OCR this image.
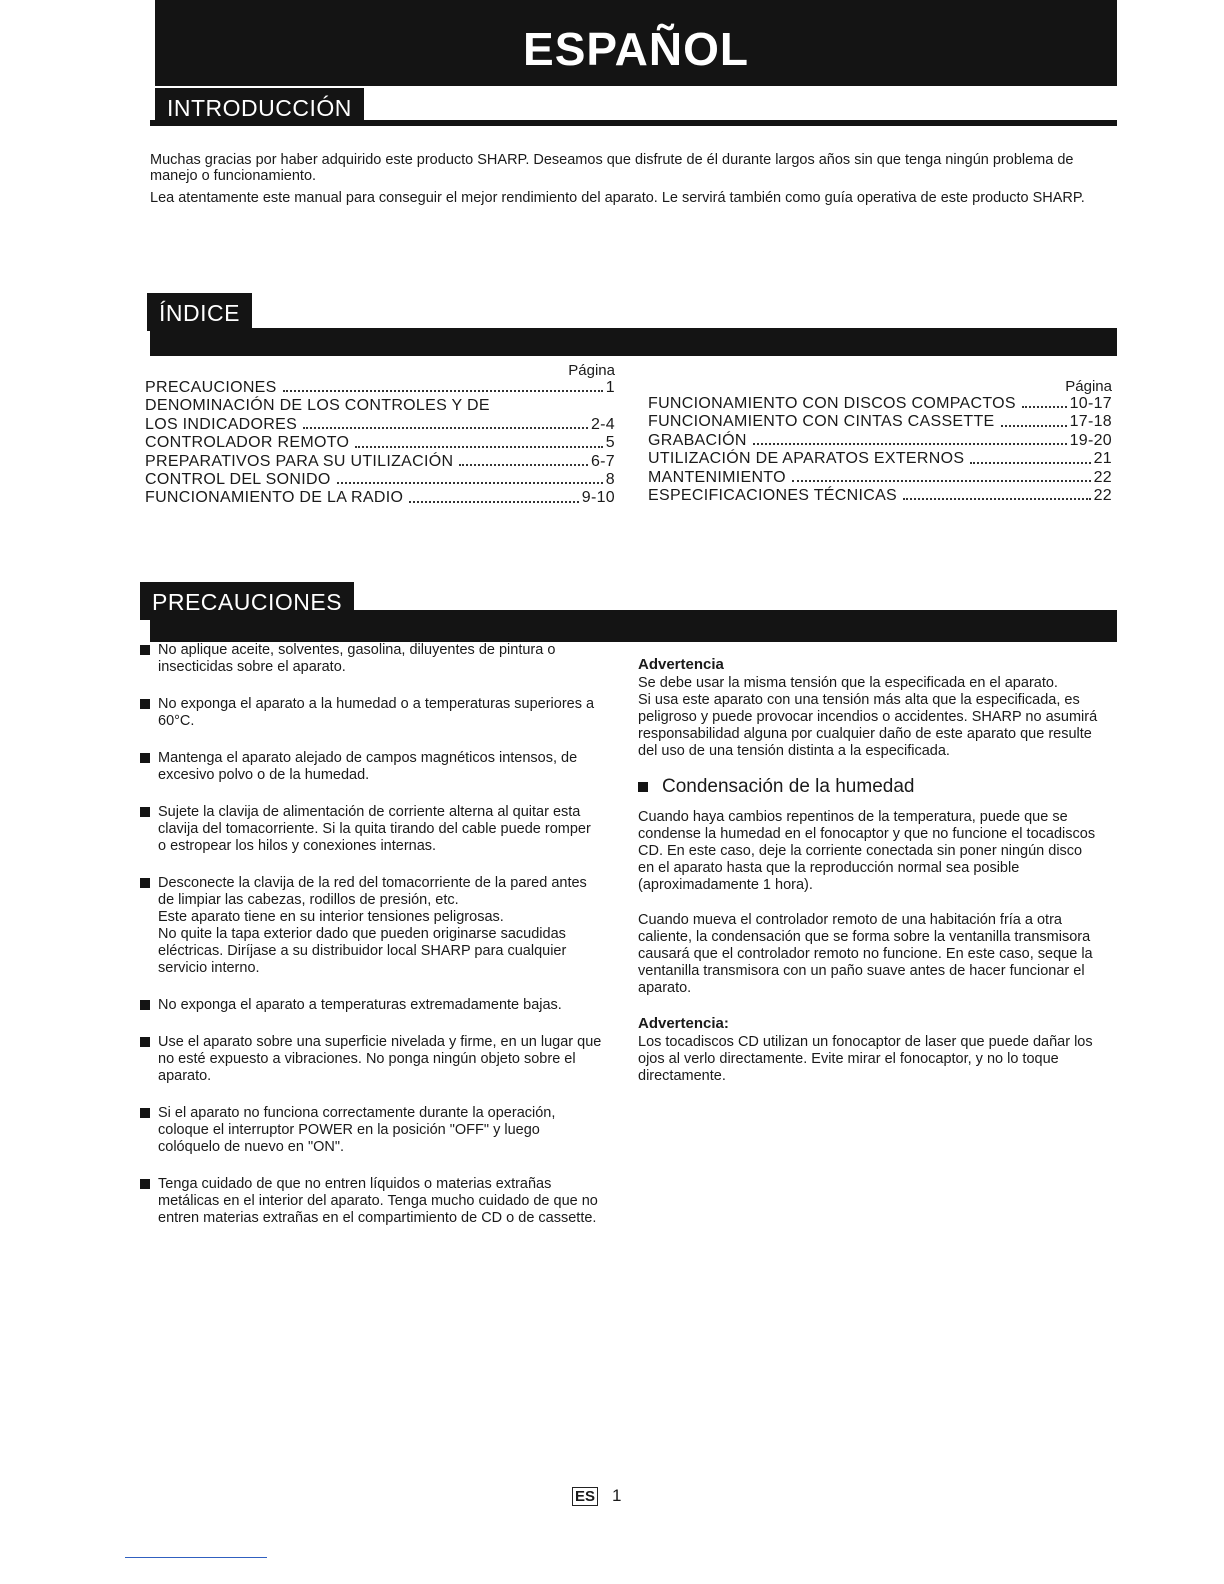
ESPAÑOL
INTRODUCCIÓN

Muchas gracias por haber adquirido este producto SHARP. Deseamos que disfrute de él durante largos años sin que tenga ningún problema de manejo o funcionamiento.

Lea atentamente este manual para conseguir el mejor rendimiento del aparato. Le servirá también como guía operativa de este producto SHARP.

ÍNDICE
Página
PRECAUCIONES	1
DENOMINACIÓN DE LOS CONTROLES Y DE
LOS INDICADORES	2-4
CONTROLADOR REMOTO	5
PREPARATIVOS PARA SU UTILIZACIÓN	6-7
CONTROL DEL SONIDO	8
FUNCIONAMIENTO DE LA RADIO	9-10
Página
FUNCIONAMIENTO CON DISCOS COMPACTOS	10-17
FUNCIONAMIENTO CON CINTAS CASSETTE	17-18
GRABACIÓN	19-20
UTILIZACIÓN DE APARATOS EXTERNOS	21
MANTENIMIENTO	22
ESPECIFICACIONES TÉCNICAS	22
PRECAUCIONES

No aplique aceite, solventes, gasolina, diluyentes de pintura o insecticidas sobre el aparato.

No exponga el aparato a la humedad o a temperaturas superiores a 60°C.

Mantenga el aparato alejado de campos magnéticos intensos, de excesivo polvo o de la humedad.

Sujete la clavija de alimentación de corriente alterna al quitar esta clavija del tomacorriente. Si la quita tirando del cable puede romper o estropear los hilos y conexiones internas.

Desconecte la clavija de la red del tomacorriente de la pared antes de limpiar las cabezas, rodillos de presión, etc.

Este aparato tiene en su interior tensiones peligrosas.

No quite la tapa exterior dado que pueden originarse sacudidas eléctricas. Diríjase a su distribuidor local SHARP para cualquier servicio interno.

No exponga el aparato a temperaturas extremadamente bajas.

Use el aparato sobre una superficie nivelada y firme, en un lugar que no esté expuesto a vibraciones. No ponga ningún objeto sobre el aparato.

Si el aparato no funciona correctamente durante la operación, coloque el interruptor POWER en la posición "OFF" y luego colóquelo de nuevo en "ON".

Tenga cuidado de que no entren líquidos o materias extrañas metálicas en el interior del aparato. Tenga mucho cuidado de que no entren materias extrañas en el compartimiento de CD o de cassette.

Advertencia

Se debe usar la misma tensión que la especificada en el aparato.

Si usa este aparato con una tensión más alta que la especificada, es peligroso y puede provocar incendios o accidentes. SHARP no asumirá responsabilidad alguna por cualquier daño de este aparato que resulte del uso de una tensión distinta a la especificada.

Condensación de la humedad

Cuando haya cambios repentinos de la temperatura, puede que se condense la humedad en el fonocaptor y que no funcione el tocadiscos CD. En este caso, deje la corriente conectada sin poner ningún disco en el aparato hasta que la reproducción normal sea posible (aproximadamente 1 hora).

Cuando mueva el controlador remoto de una habitación fría a otra caliente, la condensación que se forma sobre la ventanilla transmisora causará que el controlador remoto no funcione. En este caso, seque la ventanilla transmisora con un paño suave antes de hacer funcionar el aparato.

Advertencia:

Los tocadiscos CD utilizan un fonocaptor de laser que puede dañar los ojos al verlo directamente. Evite mirar el fonocaptor, y no lo toque directamente.

ES 1
